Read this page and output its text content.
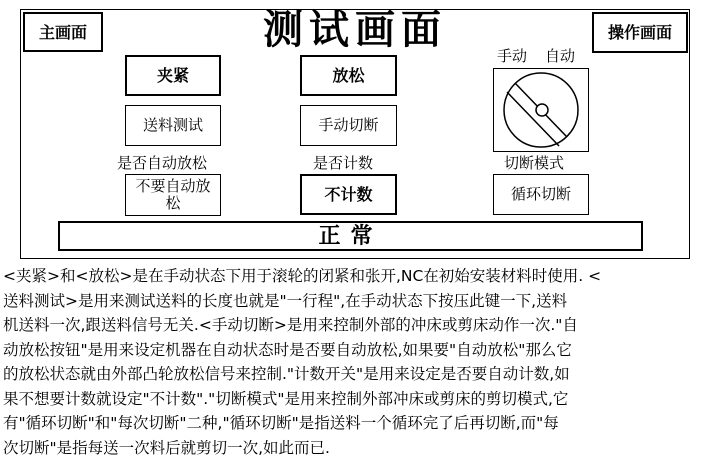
主画面	测试画面	操作画面
夹紧	放松
手动 自动
送料测试	手动切断
是否自动放松	是否计数	切断模式
不要自动放松	不计数	循环切断
正常
<夹紧>和<放松>是在手动状态下用于滚轮的闭紧和张开,NC在初始安装材料时使用. <
送料测试>是用来测试送料的长度也就是"一行程",在手动状态下按压此键一下,送料
机送料一次,跟送料信号无关.<手动切断>是用来控制外部的冲床或剪床动作一次."自
动放松按钮"是用来设定机器在自动状态时是否要自动放松,如果要"自动放松"那么它
的放松状态就由外部凸轮放松信号来控制."计数开关"是用来设定是否要自动计数,如
果不想要计数就设定"不计数"."切断模式"是用来控制外部冲床或剪床的剪切模式,它
有"循环切断"和"每次切断"二种,"循环切断"是指送料一个循环完了后再切断,而"每
次切断"是指每送一次料后就剪切一次,如此而已.
